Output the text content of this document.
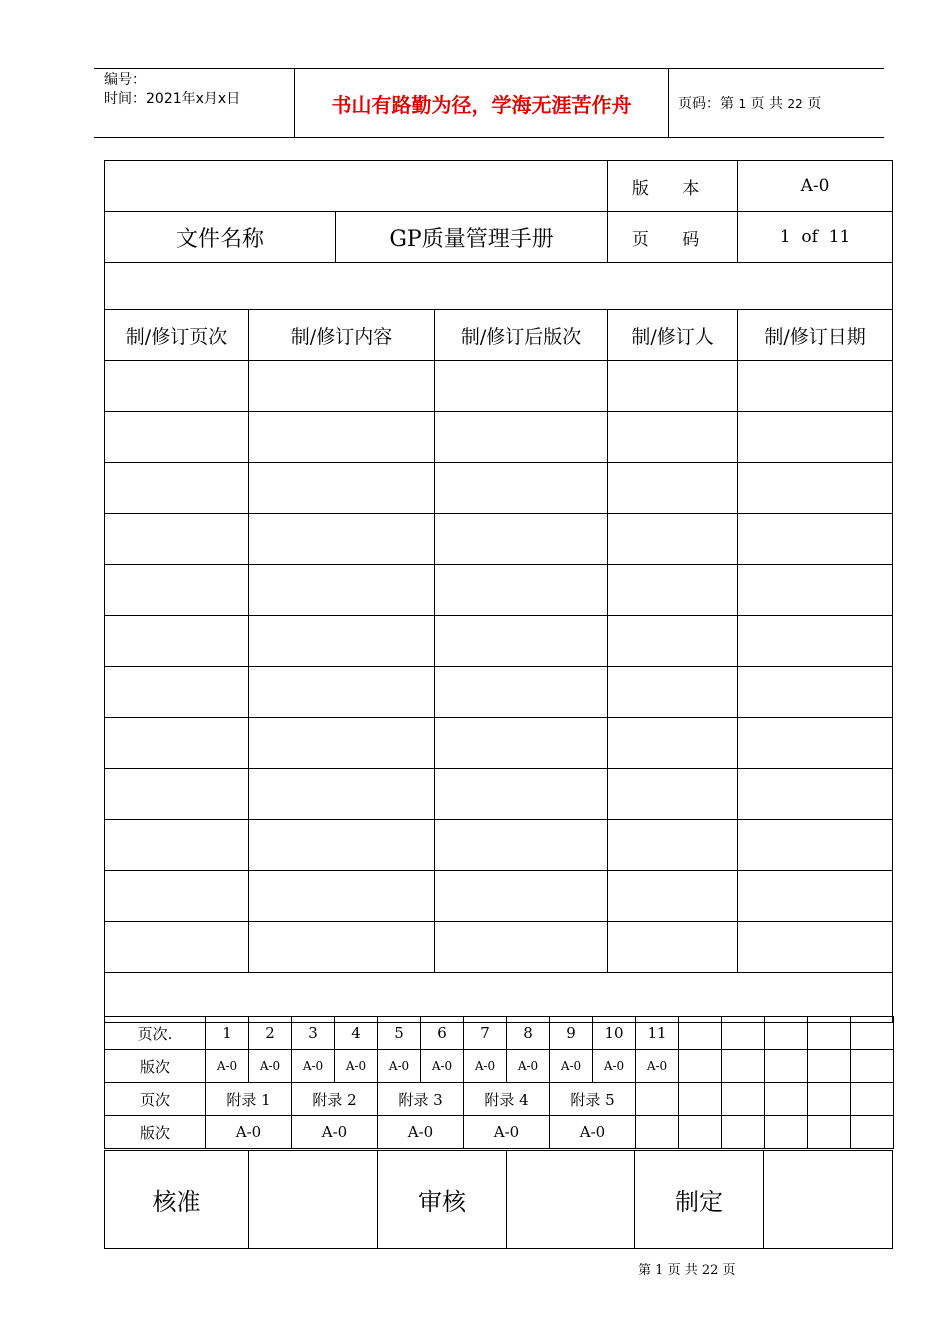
编号：
时间：2021年x月x日	书山有路勤为径，学海无涯苦作舟	页码：第 1 页 共 22 页
				版 本	A-0
文件名称		GP质量管理手册		页 码	1  of  11

制/修订页次	制/修订内容		制/修订后版次	制/修订人	制/修订日期

页次.	1	2	3	4	5	6	7	8	9	10	11						
版次	A-0	A-0	A-0	A-0	A-0	A-0	A-0	A-0	A-0	A-0	A-0						
页次	附录 1		附录 2		附录 3		附录 4		附录 5								
版次	A-0		A-0		A-0		A-0		A-0								
核准		审核		制定	
第 1 页 共 22 页
